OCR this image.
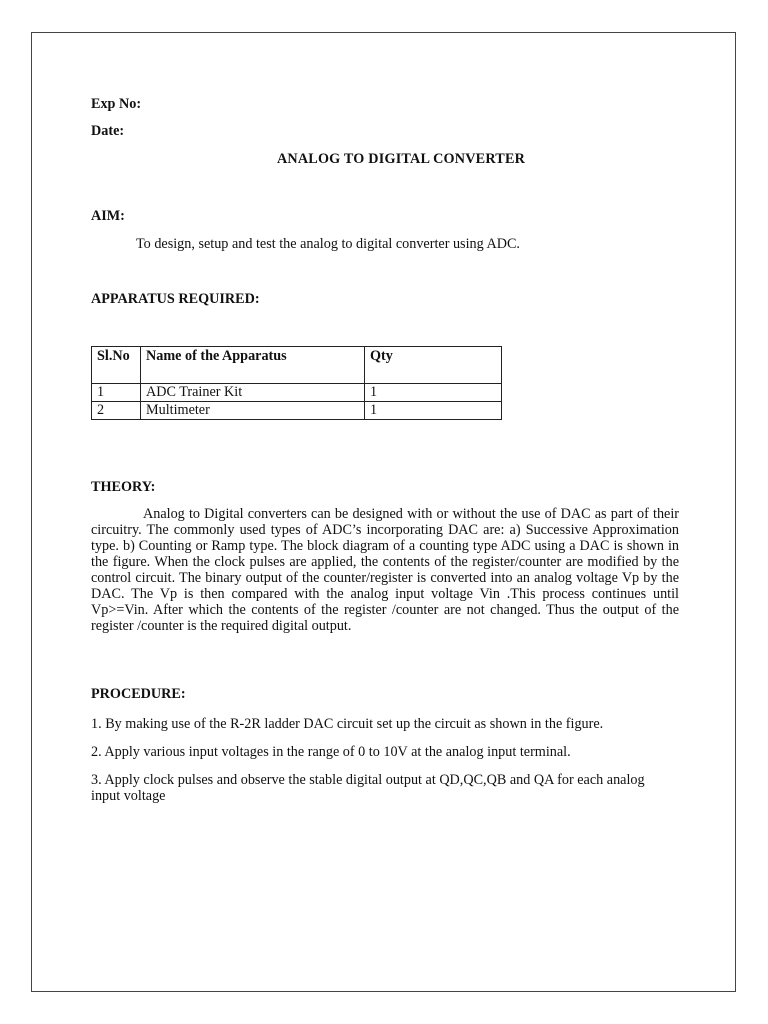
Exp No:
Date:
ANALOG TO DIGITAL CONVERTER
AIM:
To design, setup and test the analog to digital converter using ADC.
APPARATUS REQUIRED:
Sl.No	Name of the Apparatus	Qty
1	ADC Trainer Kit	1
2	Multimeter	1
THEORY:
Analog to Digital converters can be designed with or without the use of DAC as part of their circuitry. The commonly used types of ADC’s incorporating DAC are: a) Successive Approximation type. b) Counting or Ramp type. The block diagram of a counting type ADC using a DAC is shown in the figure. When the clock pulses are applied, the contents of the register/counter are modified by the control circuit. The binary output of the counter/register is converted into an analog voltage Vp by the DAC. The Vp is then compared with the analog input voltage Vin .This process continues until Vp>=Vin. After which the contents of the register /counter are not changed. Thus the output of the register /counter is the required digital output.
PROCEDURE:
1. By making use of the R-2R ladder DAC circuit set up the circuit as shown in the figure.
2. Apply various input voltages in the range of 0 to 10V at the analog input terminal.
3. Apply clock pulses and observe the stable digital output at QD,QC,QB and QA for each analog input voltage
